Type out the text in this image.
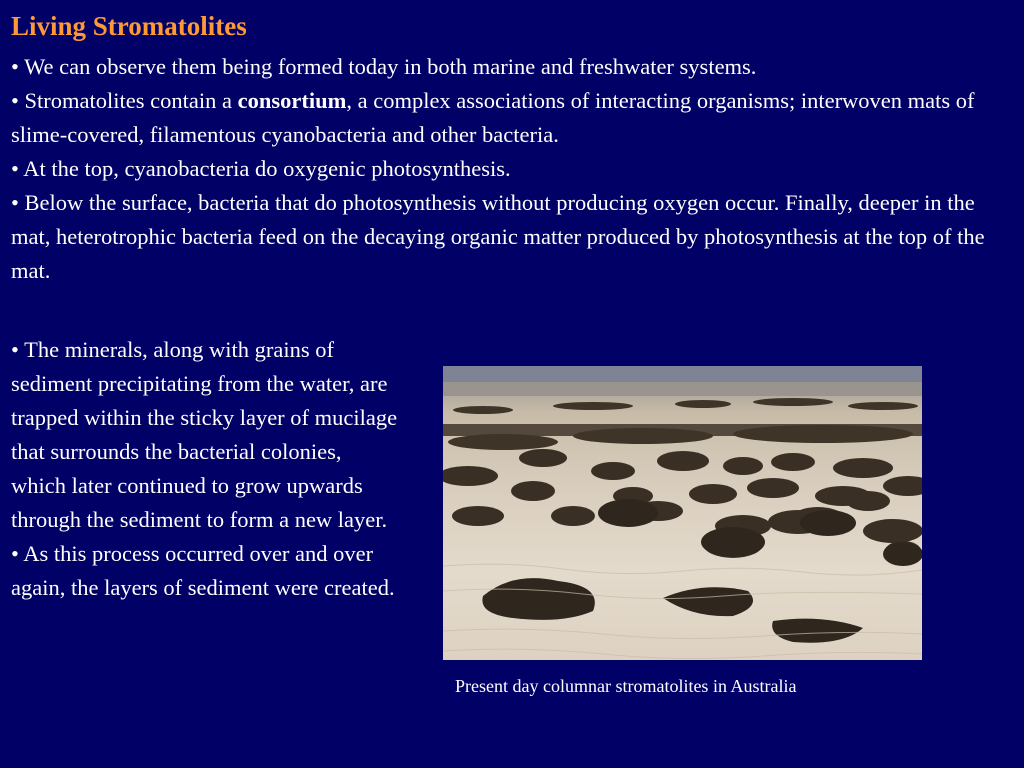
Living Stromatolites

• We can observe them being formed today in both marine and freshwater systems.

• Stromatolites contain a consortium, a complex associations of interacting organisms; interwoven mats of slime-covered, filamentous cyanobacteria and other bacteria.

• At the top, cyanobacteria do oxygenic photosynthesis.

• Below the surface, bacteria that do photosynthesis without producing oxygen occur. Finally, deeper in the mat, heterotrophic bacteria feed on the decaying organic matter produced by photosynthesis at the top of the mat.

• The minerals, along with grains of sediment precipitating from the water, are trapped within the sticky layer of mucilage that surrounds the bacterial colonies, which later continued to grow upwards through the sediment to form a new layer.

• As this process occurred over and over again, the layers of sediment were created.

Present day columnar stromatolites in Australia
